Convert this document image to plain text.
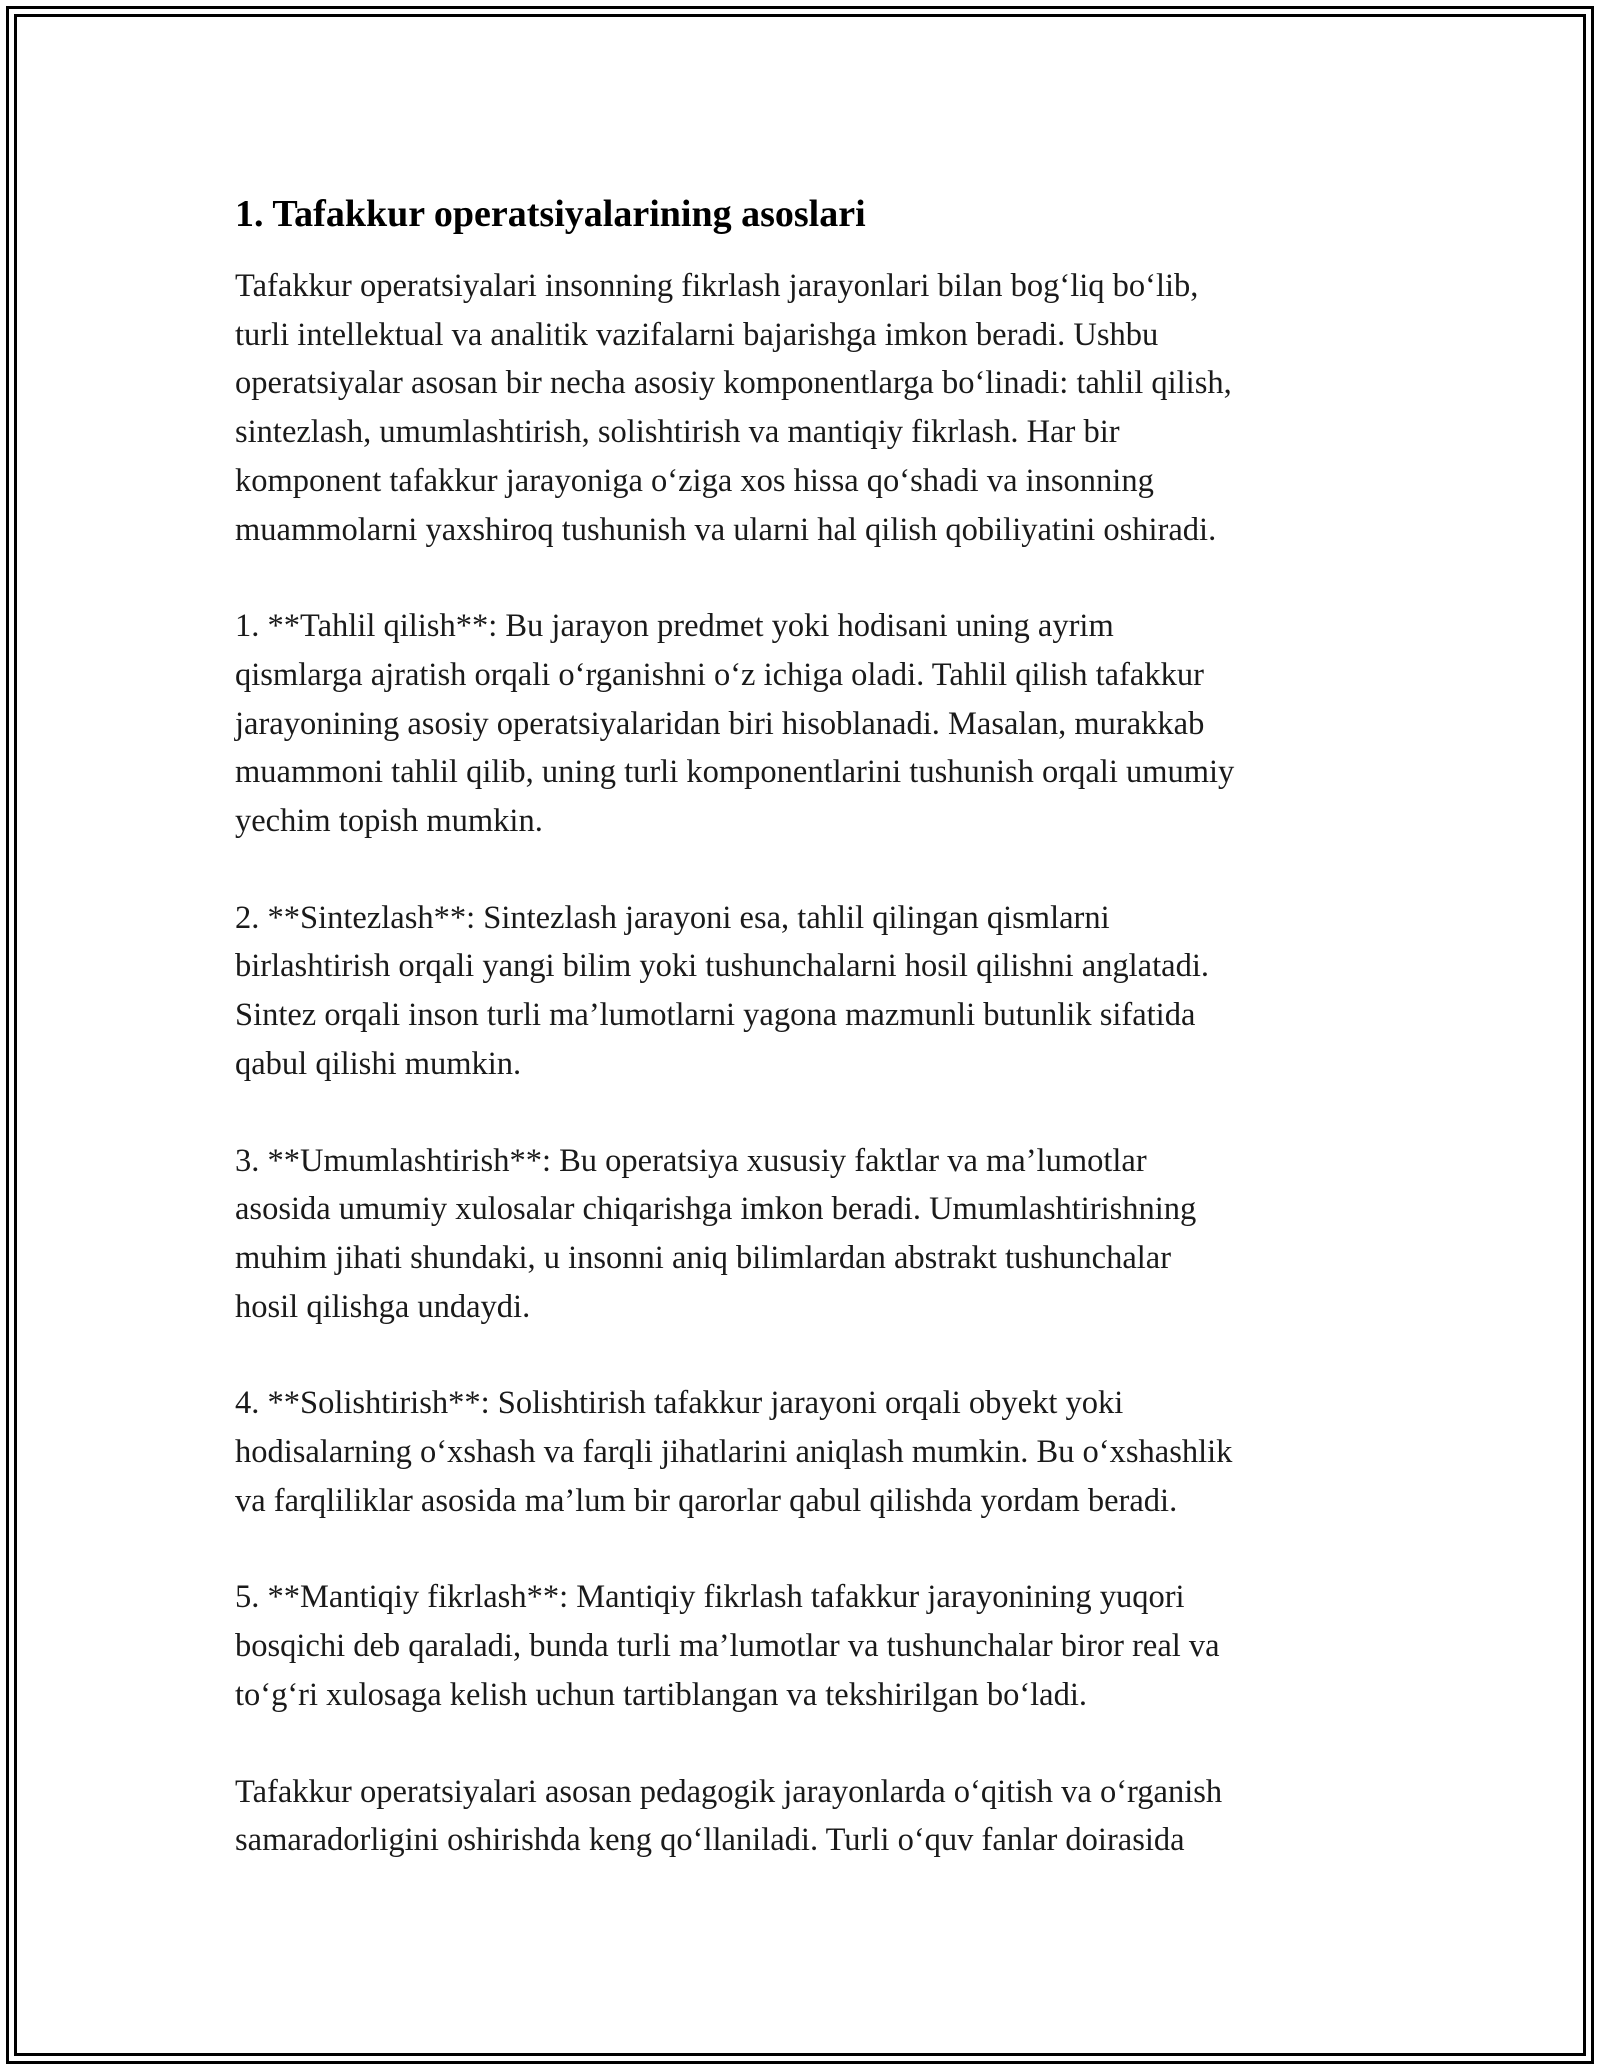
1. Tafakkur operatsiyalarining asoslari

Tafakkur operatsiyalari insonning fikrlash jarayonlari bilan bog‘liq bo‘lib,
turli intellektual va analitik vazifalarni bajarishga imkon beradi. Ushbu
operatsiyalar asosan bir necha asosiy komponentlarga bo‘linadi: tahlil qilish,
sintezlash, umumlashtirish, solishtirish va mantiqiy fikrlash. Har bir
komponent tafakkur jarayoniga o‘ziga xos hissa qo‘shadi va insonning
muammolarni yaxshiroq tushunish va ularni hal qilish qobiliyatini oshiradi.

1. **Tahlil qilish**: Bu jarayon predmet yoki hodisani uning ayrim
qismlarga ajratish orqali o‘rganishni o‘z ichiga oladi. Tahlil qilish tafakkur
jarayonining asosiy operatsiyalaridan biri hisoblanadi. Masalan, murakkab
muammoni tahlil qilib, uning turli komponentlarini tushunish orqali umumiy
yechim topish mumkin.

2. **Sintezlash**: Sintezlash jarayoni esa, tahlil qilingan qismlarni
birlashtirish orqali yangi bilim yoki tushunchalarni hosil qilishni anglatadi.
Sintez orqali inson turli ma’lumotlarni yagona mazmunli butunlik sifatida
qabul qilishi mumkin.

3. **Umumlashtirish**: Bu operatsiya xususiy faktlar va ma’lumotlar
asosida umumiy xulosalar chiqarishga imkon beradi. Umumlashtirishning
muhim jihati shundaki, u insonni aniq bilimlardan abstrakt tushunchalar
hosil qilishga undaydi.

4. **Solishtirish**: Solishtirish tafakkur jarayoni orqali obyekt yoki
hodisalarning o‘xshash va farqli jihatlarini aniqlash mumkin. Bu o‘xshashlik
va farqliliklar asosida ma’lum bir qarorlar qabul qilishda yordam beradi.

5. **Mantiqiy fikrlash**: Mantiqiy fikrlash tafakkur jarayonining yuqori
bosqichi deb qaraladi, bunda turli ma’lumotlar va tushunchalar biror real va
to‘g‘ri xulosaga kelish uchun tartiblangan va tekshirilgan bo‘ladi.

Tafakkur operatsiyalari asosan pedagogik jarayonlarda o‘qitish va o‘rganish
samaradorligini oshirishda keng qo‘llaniladi. Turli o‘quv fanlar doirasida
